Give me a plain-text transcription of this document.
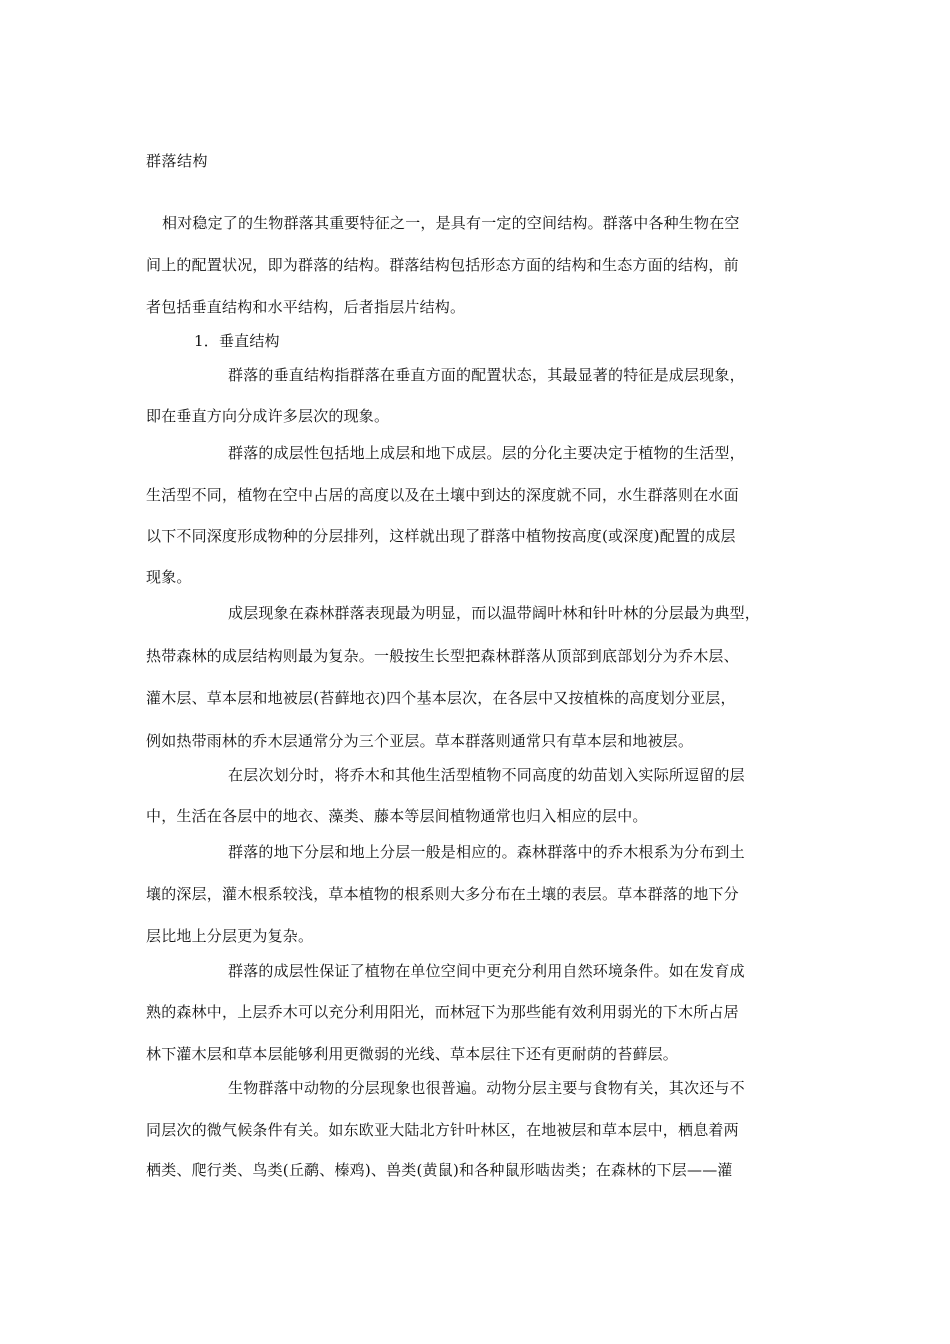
群落结构
相对稳定了的生物群落其重要特征之一，是具有一定的空间结构。群落中各种生物在空
间上的配置状况，即为群落的结构。群落结构包括形态方面的结构和生态方面的结构，前
者包括垂直结构和水平结构，后者指层片结构。
1．垂直结构
群落的垂直结构指群落在垂直方面的配置状态，其最显著的特征是成层现象，
即在垂直方向分成许多层次的现象。
群落的成层性包括地上成层和地下成层。层的分化主要决定于植物的生活型，
生活型不同，植物在空中占居的高度以及在土壤中到达的深度就不同，水生群落则在水面
以下不同深度形成物种的分层排列，这样就出现了群落中植物按高度(或深度)配置的成层
现象。
成层现象在森林群落表现最为明显，而以温带阔叶林和针叶林的分层最为典型，
热带森林的成层结构则最为复杂。一般按生长型把森林群落从顶部到底部划分为乔木层、
灌木层、草本层和地被层(苔藓地衣)四个基本层次，在各层中又按植株的高度划分亚层，
例如热带雨林的乔木层通常分为三个亚层。草本群落则通常只有草本层和地被层。
在层次划分时，将乔木和其他生活型植物不同高度的幼苗划入实际所逗留的层
中，生活在各层中的地衣、藻类、藤本等层间植物通常也归入相应的层中。
群落的地下分层和地上分层一般是相应的。森林群落中的乔木根系为分布到土
壤的深层，灌木根系较浅，草本植物的根系则大多分布在土壤的表层。草本群落的地下分
层比地上分层更为复杂。
群落的成层性保证了植物在单位空间中更充分利用自然环境条件。如在发育成
熟的森林中，上层乔木可以充分利用阳光，而林冠下为那些能有效利用弱光的下木所占居
林下灌木层和草本层能够利用更微弱的光线、草本层往下还有更耐荫的苔藓层。
生物群落中动物的分层现象也很普遍。动物分层主要与食物有关，其次还与不
同层次的微气候条件有关。如东欧亚大陆北方针叶林区，在地被层和草本层中，栖息着两
栖类、爬行类、鸟类(丘鹬、榛鸡)、兽类(黄鼠)和各种鼠形啮齿类；在森林的下层——灌
